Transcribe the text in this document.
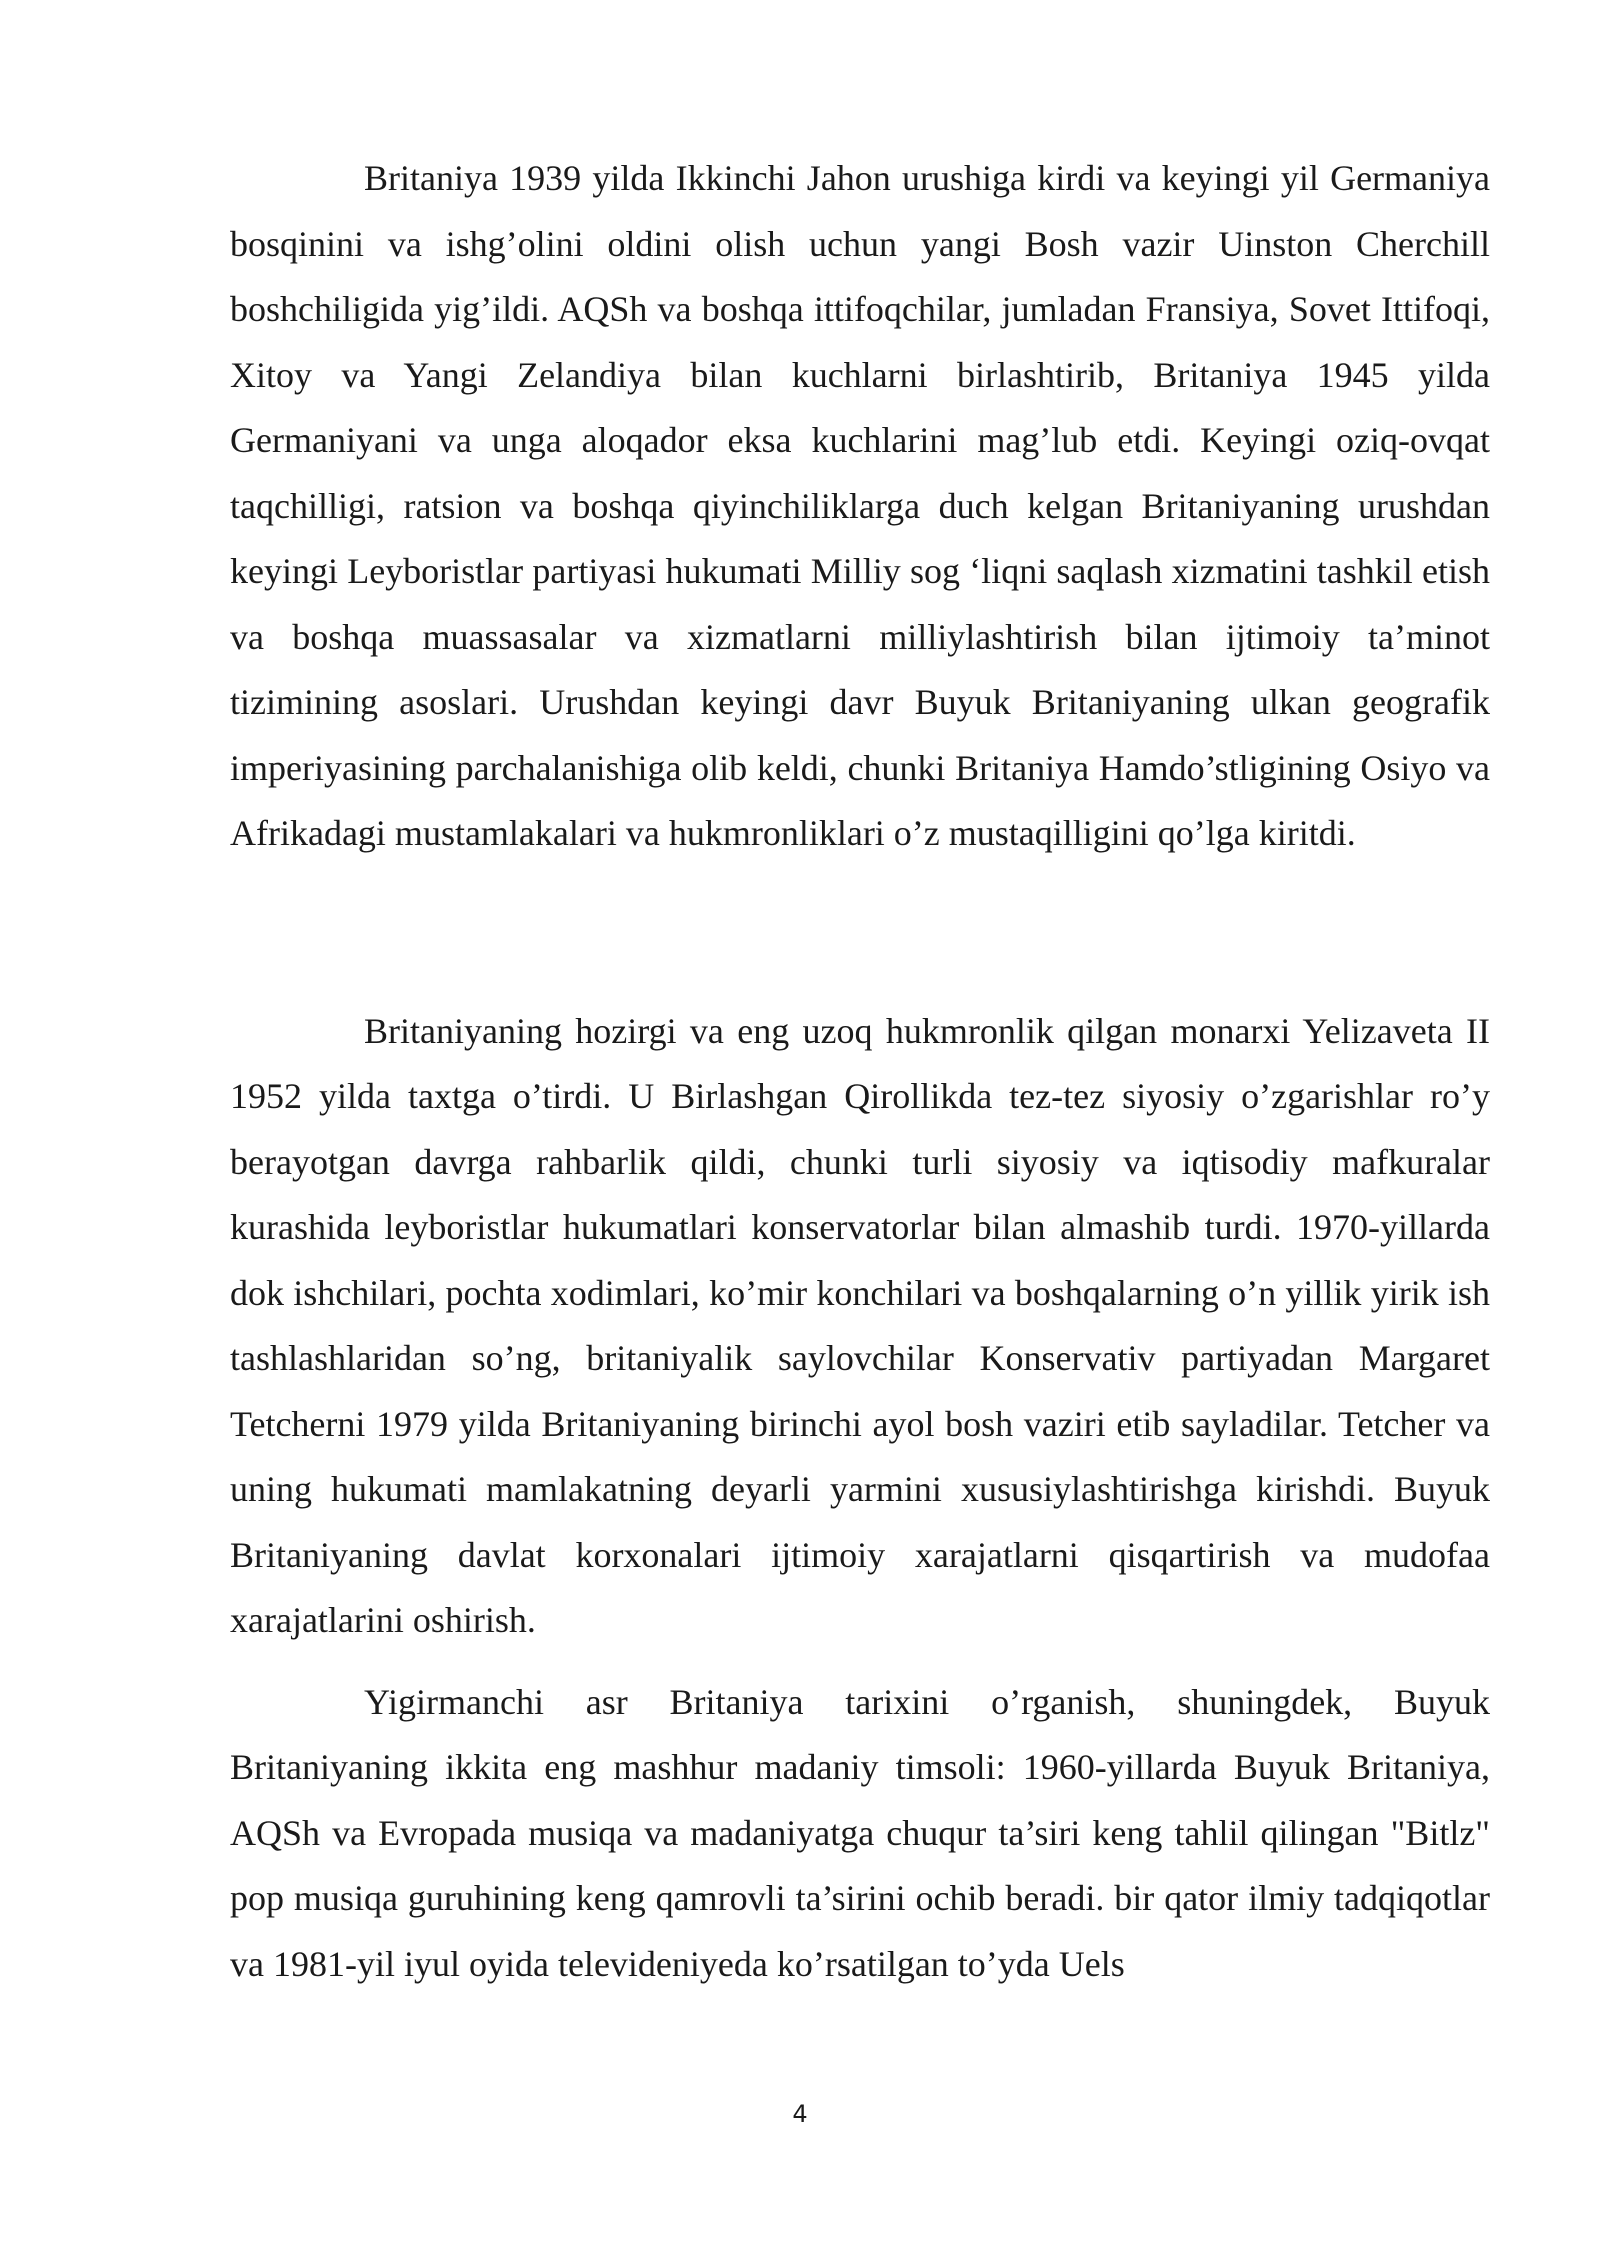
Britaniya 1939 yilda Ikkinchi Jahon urushiga kirdi va keyingi yil Germaniya bosqinini va ishg’olini oldini olish uchun yangi Bosh vazir Uinston Cherchill boshchiligida yig’ildi. AQSh va boshqa ittifoqchilar, jumladan Fransiya, Sovet Ittifoqi, Xitoy va Yangi Zelandiya bilan kuchlarni birlashtirib, Britaniya 1945 yilda Germaniyani va unga aloqador eksa kuchlarini mag’lub etdi. Keyingi oziq-ovqat taqchilligi, ratsion va boshqa qiyinchiliklarga duch kelgan Britaniyaning urushdan keyingi Leyboristlar partiyasi hukumati Milliy sog ‘liqni saqlash xizmatini tashkil etish va boshqa muassasalar va xizmatlarni milliylashtirish bilan ijtimoiy ta’minot tizimining asoslari. Urushdan keyingi davr Buyuk Britaniyaning ulkan geografik imperiyasining parchalanishiga olib keldi, chunki Britaniya Hamdo’stligining Osiyo va Afrikadagi mustamlakalari va hukmronliklari o’z mustaqilligini qo’lga kiritdi.

Britaniyaning hozirgi va eng uzoq hukmronlik qilgan monarxi Yelizaveta II 1952 yilda taxtga o’tirdi. U Birlashgan Qirollikda tez-tez siyosiy o’zgarishlar ro’y berayotgan davrga rahbarlik qildi, chunki turli siyosiy va iqtisodiy mafkuralar kurashida leyboristlar hukumatlari konservatorlar bilan almashib turdi. 1970-yillarda dok ishchilari, pochta xodimlari, ko’mir konchilari va boshqalarning o’n yillik yirik ish tashlashlaridan so’ng, britaniyalik saylovchilar Konservativ partiyadan Margaret Tetcherni 1979 yilda Britaniyaning birinchi ayol bosh vaziri etib sayladilar. Tetcher va uning hukumati mamlakatning deyarli yarmini xususiylashtirishga kirishdi. Buyuk Britaniyaning davlat korxonalari ijtimoiy xarajatlarni qisqartirish va mudofaa xarajatlarini oshirish.

Yigirmanchi asr Britaniya tarixini o’rganish, shuningdek, Buyuk Britaniyaning ikkita eng mashhur madaniy timsoli: 1960-yillarda Buyuk Britaniya, AQSh va Evropada musiqa va madaniyatga chuqur ta’siri keng tahlil qilingan "Bitlz" pop musiqa guruhining keng qamrovli ta’sirini ochib beradi. bir qator ilmiy tadqiqotlar va 1981-yil iyul oyida televideniyeda ko’rsatilgan to’yda Uels

4
